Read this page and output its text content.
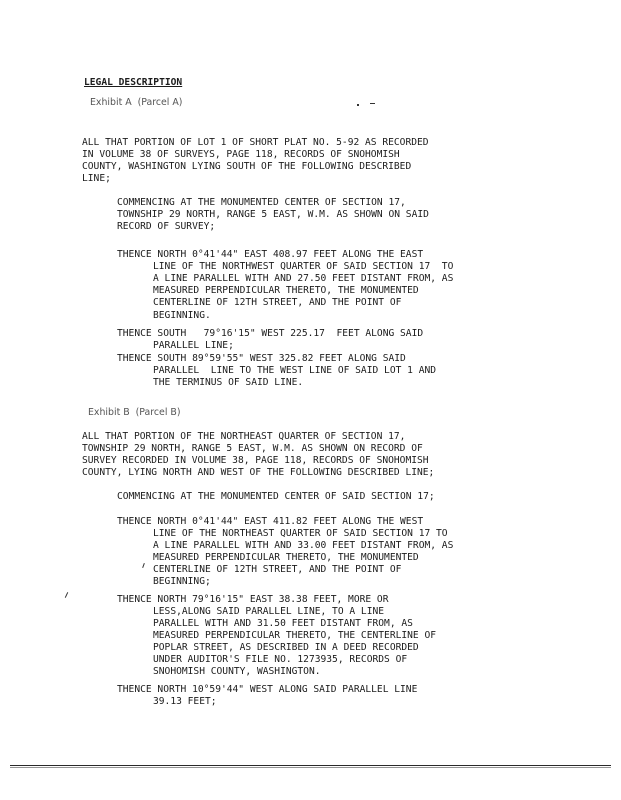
LEGAL DESCRIPTION
Exhibit A  (Parcel A)
ALL THAT PORTION OF LOT 1 OF SHORT PLAT NO. 5-92 AS RECORDED
IN VOLUME 38 OF SURVEYS, PAGE 118, RECORDS OF SNOHOMISH
COUNTY, WASHINGTON LYING SOUTH OF THE FOLLOWING DESCRIBED
LINE;
COMMENCING AT THE MONUMENTED CENTER OF SECTION 17,
TOWNSHIP 29 NORTH, RANGE 5 EAST, W.M. AS SHOWN ON SAID
RECORD OF SURVEY;
THENCE NORTH 0°41'44" EAST 408.97 FEET ALONG THE EAST
LINE OF THE NORTHWEST QUARTER OF SAID SECTION 17  TO
A LINE PARALLEL WITH AND 27.50 FEET DISTANT FROM, AS
MEASURED PERPENDICULAR THERETO, THE MONUMENTED
CENTERLINE OF 12TH STREET, AND THE POINT OF
BEGINNING.
THENCE SOUTH   79°16'15" WEST 225.17  FEET ALONG SAID
PARALLEL LINE;
THENCE SOUTH 89°59'55" WEST 325.82 FEET ALONG SAID
PARALLEL  LINE TO THE WEST LINE OF SAID LOT 1 AND
THE TERMINUS OF SAID LINE.
Exhibit B  (Parcel B)
ALL THAT PORTION OF THE NORTHEAST QUARTER OF SECTION 17,
TOWNSHIP 29 NORTH, RANGE 5 EAST, W.M. AS SHOWN ON RECORD OF
SURVEY RECORDED IN VOLUME 38, PAGE 118, RECORDS OF SNOHOMISH
COUNTY, LYING NORTH AND WEST OF THE FOLLOWING DESCRIBED LINE;
COMMENCING AT THE MONUMENTED CENTER OF SAID SECTION 17;
THENCE NORTH 0°41'44" EAST 411.82 FEET ALONG THE WEST
LINE OF THE NORTHEAST QUARTER OF SAID SECTION 17 TO
A LINE PARALLEL WITH AND 33.00 FEET DISTANT FROM, AS
MEASURED PERPENDICULAR THERETO, THE MONUMENTED
CENTERLINE OF 12TH STREET, AND THE POINT OF
BEGINNING;
THENCE NORTH 79°16'15" EAST 38.38 FEET, MORE OR
LESS,ALONG SAID PARALLEL LINE, TO A LINE
PARALLEL WITH AND 31.50 FEET DISTANT FROM, AS
MEASURED PERPENDICULAR THERETO, THE CENTERLINE OF
POPLAR STREET, AS DESCRIBED IN A DEED RECORDED
UNDER AUDITOR'S FILE NO. 1273935, RECORDS OF
SNOHOMISH COUNTY, WASHINGTON.
THENCE NORTH 10°59'44" WEST ALONG SAID PARALLEL LINE
39.13 FEET;
